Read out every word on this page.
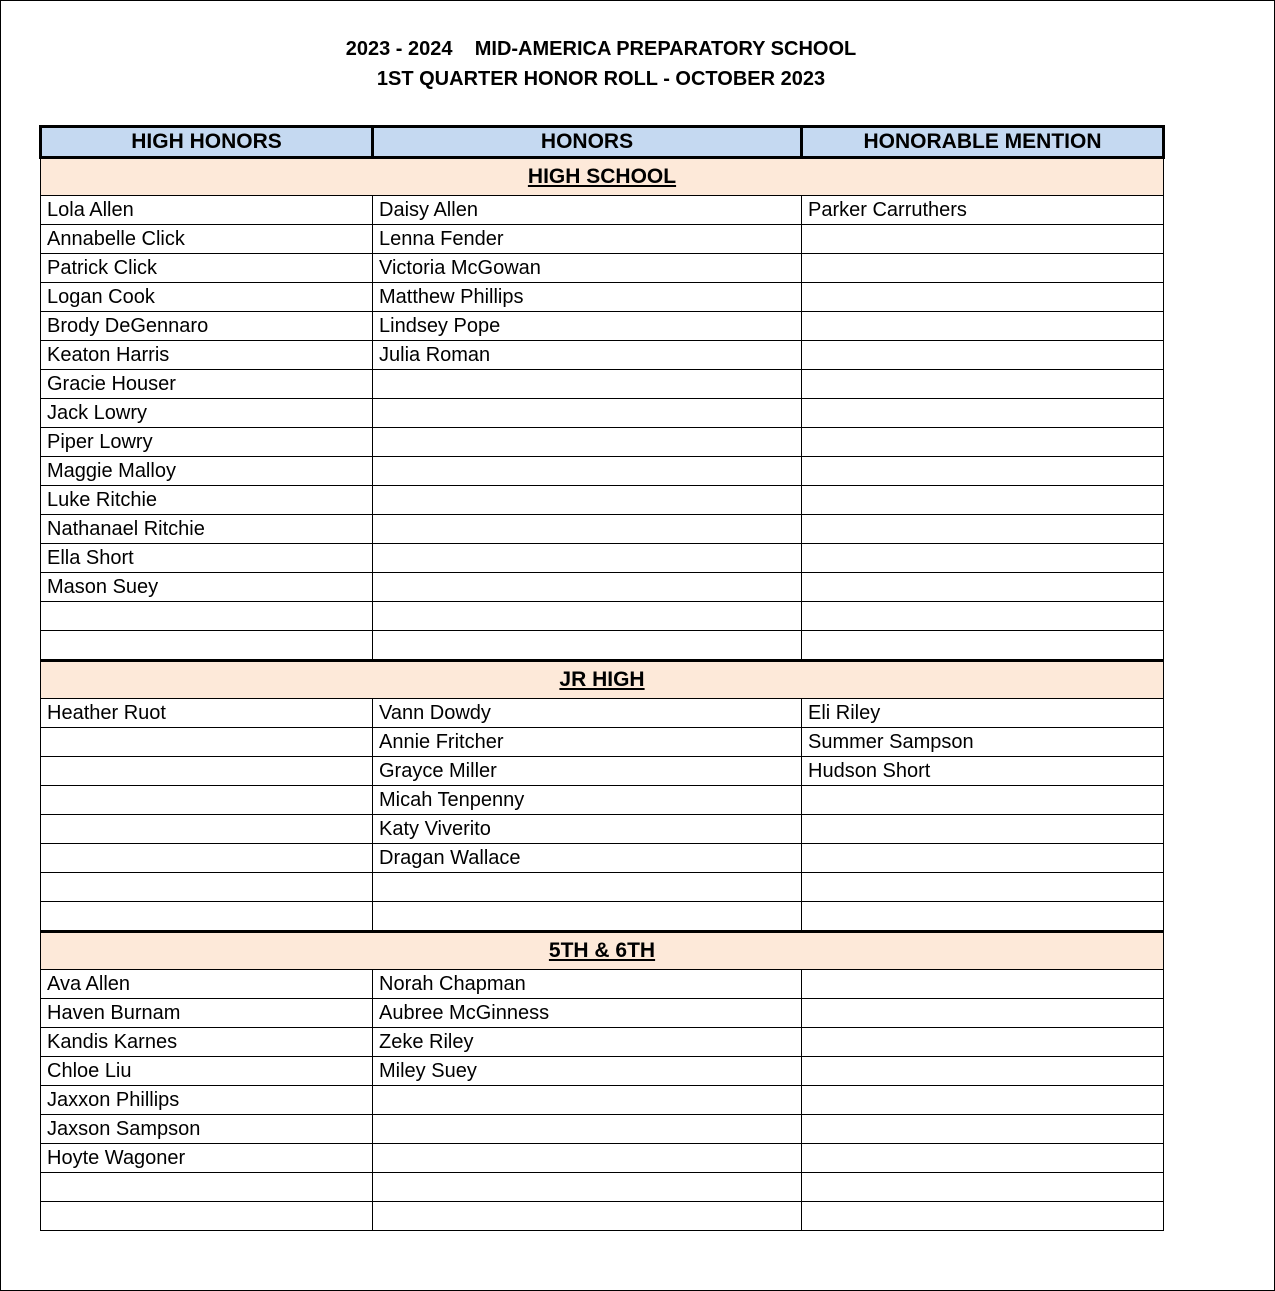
2023 - 2024    MID-AMERICA PREPARATORY SCHOOL
1ST QUARTER HONOR ROLL - OCTOBER 2023
HIGH HONORS	HONORS	HONORABLE MENTION
HIGH SCHOOL		
Lola Allen	Daisy Allen	Parker Carruthers
Annabelle Click	Lenna Fender	
Patrick Click	Victoria McGowan	
Logan Cook	Matthew Phillips	
Brody DeGennaro	Lindsey Pope	
Keaton Harris	Julia Roman	
Gracie Houser		
Jack Lowry		
Piper Lowry		
Maggie Malloy		
Luke Ritchie		
Nathanael Ritchie		
Ella Short		
Mason Suey		

JR HIGH		
Heather Ruot	Vann Dowdy	Eli Riley
	Annie Fritcher	Summer Sampson
	Grayce Miller	Hudson Short
	Micah Tenpenny	
	Katy Viverito	
	Dragan Wallace	

5TH & 6TH		
Ava Allen	Norah Chapman	
Haven Burnam	Aubree McGinness	
Kandis Karnes	Zeke Riley	
Chloe Liu	Miley Suey	
Jaxxon Phillips		
Jaxson Sampson		
Hoyte Wagoner		
